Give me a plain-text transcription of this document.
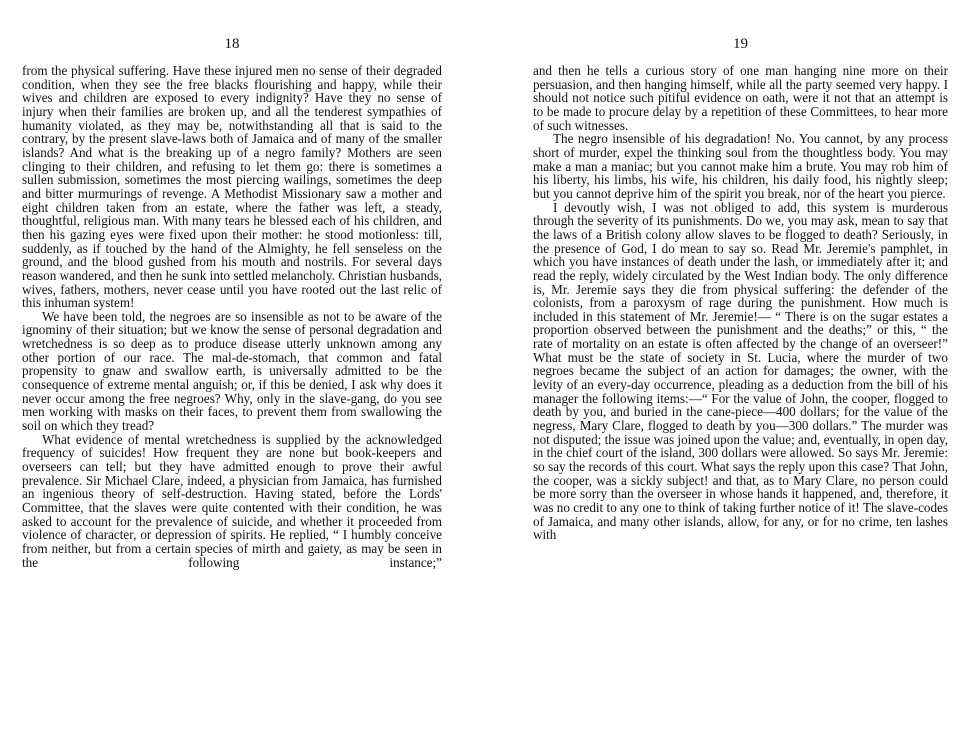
18

from the physical suffering. Have these injured men no sense of their degraded condition, when they see the free blacks flourishing and happy, while their wives and children are exposed to every indignity? Have they no sense of injury when their families are broken up, and all the tenderest sympathies of humanity violated, as they may be, notwithstanding all that is said to the contrary, by the present slave-laws both of Jamaica and of many of the smaller islands? And what is the breaking up of a negro family? Mothers are seen clinging to their children, and refusing to let them go: there is sometimes a sullen submission, sometimes the most piercing wailings, sometimes the deep and bitter murmurings of revenge. A Methodist Missionary saw a mother and eight children taken from an estate, where the father was left, a steady, thoughtful, religious man. With many tears he blessed each of his children, and then his gazing eyes were fixed upon their mother: he stood motionless: till, suddenly, as if touched by the hand of the Almighty, he fell senseless on the ground, and the blood gushed from his mouth and nostrils. For several days reason wandered, and then he sunk into settled melancholy. Christian husbands, wives, fathers, mothers, never cease until you have rooted out the last relic of this inhuman system!

We have been told, the negroes are so insensible as not to be aware of the ignominy of their situation; but we know the sense of personal degradation and wretchedness is so deep as to produce disease utterly unknown among any other portion of our race. The mal-de-stomach, that common and fatal propensity to gnaw and swallow earth, is universally admitted to be the consequence of extreme mental anguish; or, if this be denied, I ask why does it never occur among the free negroes? Why, only in the slave-gang, do you see men working with masks on their faces, to prevent them from swallowing the soil on which they tread?

What evidence of mental wretchedness is supplied by the acknowledged frequency of suicides! How frequent they are none but book-keepers and overseers can tell; but they have admitted enough to prove their awful prevalence. Sir Michael Clare, indeed, a physician from Jamaica, has furnished an ingenious theory of self-destruction. Having stated, before the Lords' Committee, that the slaves were quite contented with their condition, he was asked to account for the prevalence of suicide, and whether it proceeded from violence of character, or depression of spirits. He replied, “ I humbly conceive from neither, but from a certain species of mirth and gaiety, as may be seen in the following instance;”

19

and then he tells a curious story of one man hanging nine more on their persuasion, and then hanging himself, while all the party seemed very happy. I should not notice such pitiful evidence on oath, were it not that an attempt is to be made to procure delay by a repetition of these Committees, to hear more of such witnesses.

The negro insensible of his degradation! No. You cannot, by any process short of murder, expel the thinking soul from the thoughtless body. You may make a man a maniac; but you cannot make him a brute. You may rob him of his liberty, his limbs, his wife, his children, his daily food, his nightly sleep; but you cannot deprive him of the spirit you break, nor of the heart you pierce.

I devoutly wish, I was not obliged to add, this system is murderous through the severity of its punishments. Do we, you may ask, mean to say that the laws of a British colony allow slaves to be flogged to death? Seriously, in the presence of God, I do mean to say so. Read Mr. Jeremie's pamphlet, in which you have instances of death under the lash, or immediately after it; and read the reply, widely circulated by the West Indian body. The only difference is, Mr. Jeremie says they die from physical suffering: the defender of the colonists, from a paroxysm of rage during the punishment. How much is included in this statement of Mr. Jeremie!— “ There is on the sugar estates a proportion observed between the punishment and the deaths;” or this, “ the rate of mortality on an estate is often affected by the change of an overseer!” What must be the state of society in St. Lucia, where the murder of two negroes became the subject of an action for damages; the owner, with the levity of an every-day occurrence, pleading as a deduction from the bill of his manager the following items:—“ For the value of John, the cooper, flogged to death by you, and buried in the cane-piece—400 dollars; for the value of the negress, Mary Clare, flogged to death by you—300 dollars.” The murder was not disputed; the issue was joined upon the value; and, eventually, in open day, in the chief court of the island, 300 dollars were allowed. So says Mr. Jeremie: so say the records of this court. What says the reply upon this case? That John, the cooper, was a sickly subject! and that, as to Mary Clare, no person could be more sorry than the overseer in whose hands it happened, and, therefore, it was no credit to any one to think of taking further notice of it! The slave-codes of Jamaica, and many other islands, allow, for any, or for no crime, ten lashes with
